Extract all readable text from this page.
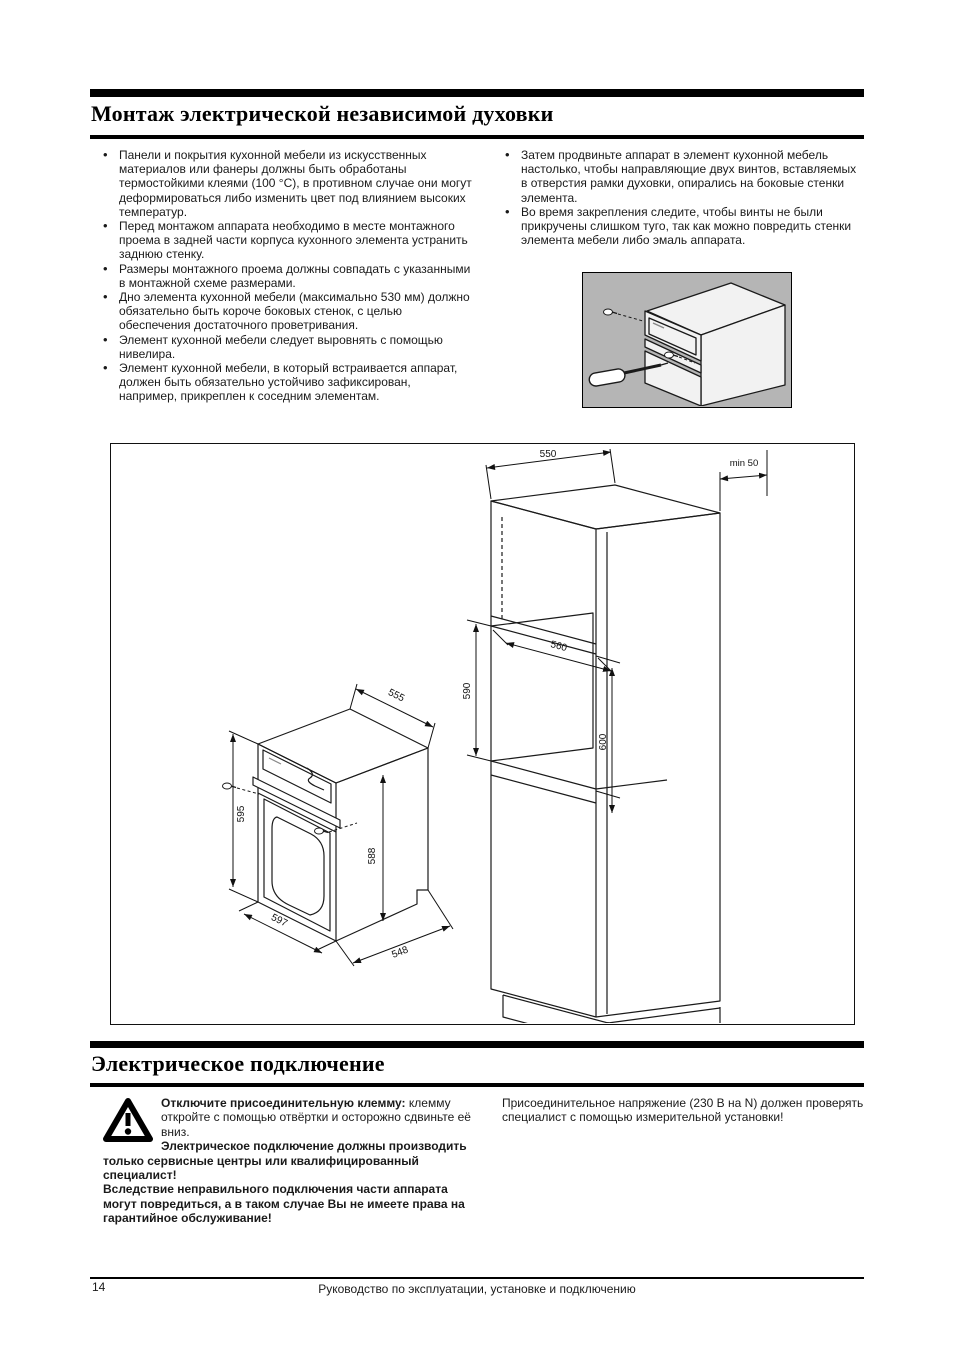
Монтаж электрической независимой духовки
• Панели и покрытия кухонной мебели из искусственных материалов или фанеры должны быть обработаны термостойкими клеями (100 °С), в противном случае они могут деформироваться либо изменить цвет под влиянием высоких температур.
• Перед монтажом аппарата необходимо в месте монтажного проема в задней части корпуса кухонного элемента устранить заднюю стенку.
• Размеры монтажного проема должны совпадать с указанными в монтажной схеме размерами.
• Дно элемента кухонной мебели (максимально 530 мм) должно обязательно быть короче боковых стенок, с целью обеспечения достаточного проветривания.
• Элемент кухонной мебели следует выровнять с помощью нивелира.
• Элемент кухонной мебели, в который встраивается аппарат, должен быть обязательно устойчиво зафиксирован, например, прикреплен к соседним элементам.
• Затем продвиньте аппарат в элемент кухонной мебель настолько, чтобы направляющие двух винтов, вставляемых в отверстия рамки духовки, опирались на боковые стенки элемента.
• Во время закрепления следите, чтобы винты не были прикручены слишком туго, так как можно повредить стенки элемента мебели либо эмаль аппарата.
550
min 50
560
590
600
595
555
588
597
548
Электрическое подключение

Отключите присоединительную клемму: клемму откройте с помощью отвёртки и осторожно сдвиньте её вниз.

Электрическое подключение должны производить только сервисные центры или квалифицированный специалист!

Вследствие неправильного подключения части аппарата могут повредиться, а в таком случае Вы не имеете права на гарантийное обслуживание!

Присоединительное напряжение (230 В на N) должен проверять специалист с помощью измерительной установки!
14	Руководство по эксплуатации, установке и подключению
